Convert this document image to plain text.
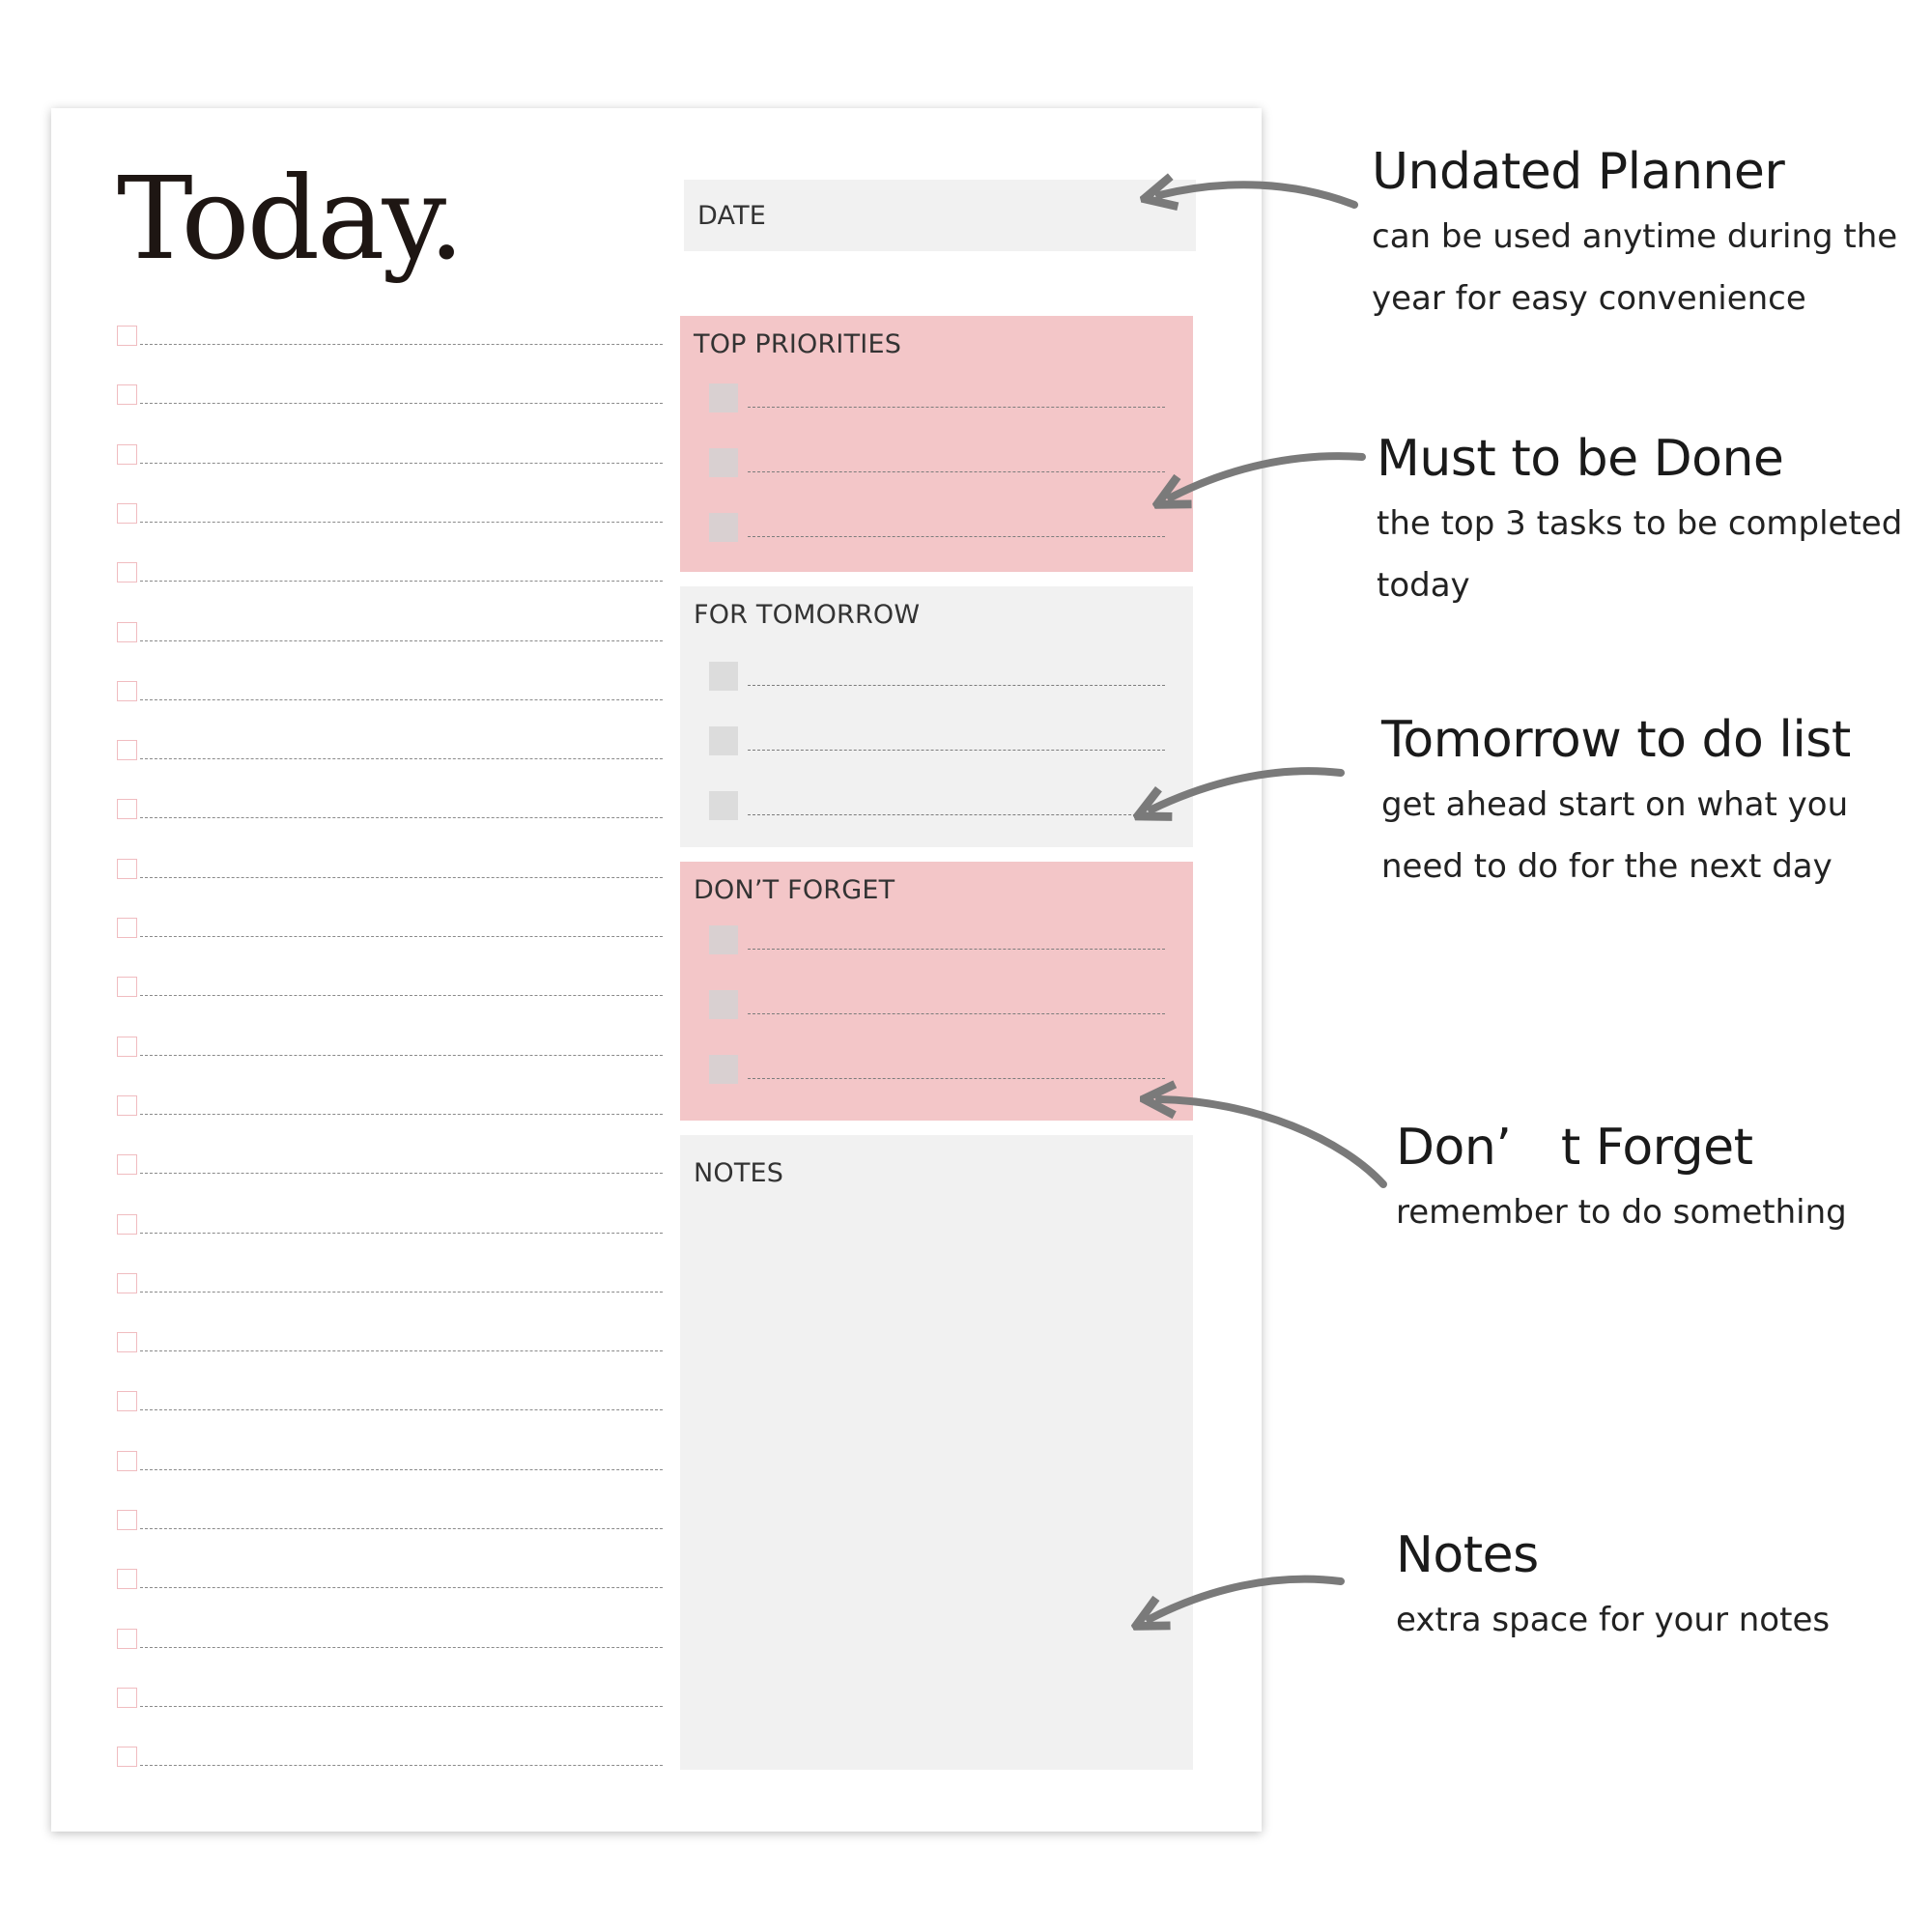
Today.	DATE
TOP PRIORITIES
FOR TOMORROW
DON’T FORGET
NOTES
Undated Planner
can be used anytime during the
year for easy convenience
Must to be Done
the top 3 tasks to be completed
today
Tomorrow to do list
get ahead start on what you
need to do for the next day
Don’　t Forget
remember to do something
Notes
extra space for your notes
